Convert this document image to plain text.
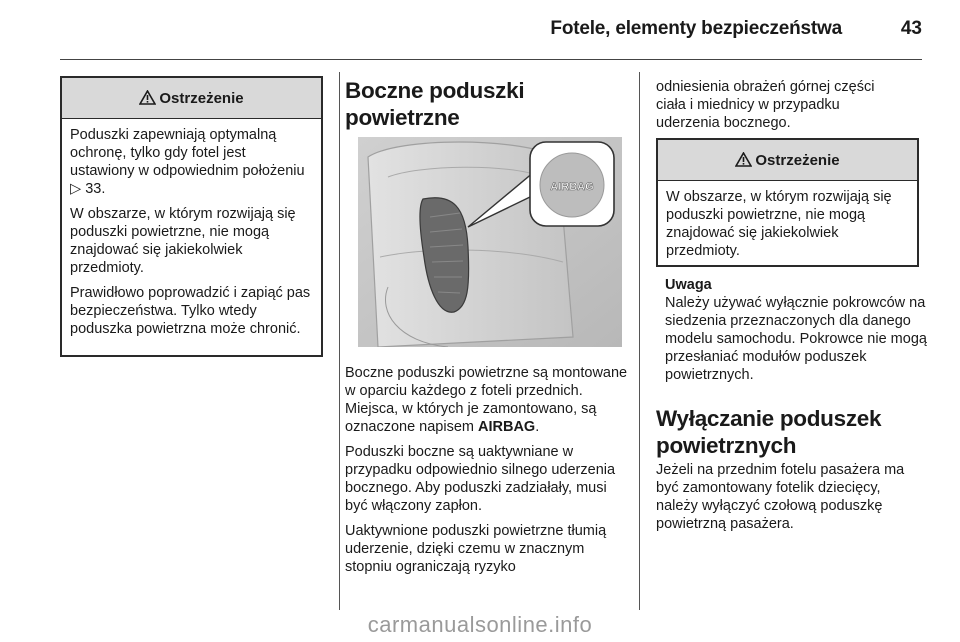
Fotele, elementy bezpieczeństwa	43
Ostrzeżenie

Poduszki zapewniają optymalną ochronę, tylko gdy fotel jest ustawiony w odpowiednim położeniu ▷ 33.

W obszarze, w którym rozwijają się poduszki powietrzne, nie mogą znajdować się jakiekolwiek przedmioty.

Prawidłowo poprowadzić i zapiąć pas bezpieczeństwa. Tylko wtedy poduszka powietrzna może chronić.

Boczne poduszki powietrzne
AIRBAG

Boczne poduszki powietrzne są montowane w oparciu każdego z foteli przednich. Miejsca, w których je zamontowano, są oznaczone napisem AIRBAG.

Poduszki boczne są uaktywniane w przypadku odpowiednio silnego uderzenia bocznego. Aby poduszki zadziałały, musi być włączony zapłon.

Uaktywnione poduszki powietrzne tłumią uderzenie, dzięki czemu w znacznym stopniu ograniczają ryzyko

odniesienia obrażeń górnej części ciała i miednicy w przypadku uderzenia bocznego.
Ostrzeżenie

W obszarze, w którym rozwijają się poduszki powietrzne, nie mogą znajdować się jakiekolwiek przedmioty.

Uwaga
Należy używać wyłącznie pokrowców na siedzenia przeznaczonych dla danego modelu samochodu. Pokrowce nie mogą przesłaniać modułów poduszek powietrznych.
Wyłączanie poduszek powietrznych
Jeżeli na przednim fotelu pasażera ma być zamontowany fotelik dziecięcy, należy wyłączyć czołową poduszkę powietrzną pasażera.
carmanualsonline.info
